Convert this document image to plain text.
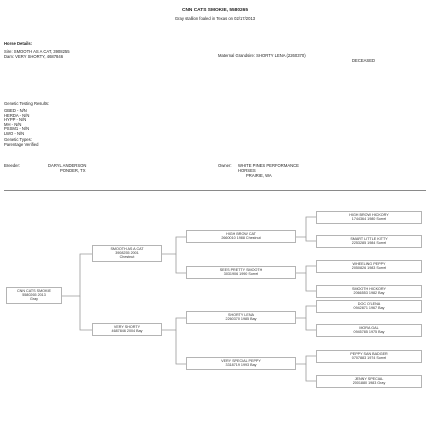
CNN CATS SMOKIE, 5580265
Gray stallion foaled in Texas on 02/17/2013
Horse Details:
Sire: SMOOTH AS A CAT, 3908255
Dam: VERY SHORTY, 4687846	Maternal Grandsire: SHORTY LENA (2260370)
DECEASED
Genetic Testing Results:
GBED - N/N
HERDA - N/N
HYPP - N/N
MH - N/N
PSSM1 - N/N
LWO - N/N
Genetic Types:
Parentage Verified
Breeder:	DARYL ANDERSON
PONDER, TX
Owner: WHITE PINES PERFORMANCE
HORSES
PRAIRIE, WA
CNN CATS SMOKIE
5580265 2013
Gray
SMOOTH AS A CAT
3908255 2001
Chestnut
VERY SHORTY
4687846 2004 Bay
HIGH BROW CAT
2660010 1988 Chestnut
SEES PRETTY SMOOTH
3031906 1990 Sorrel
SHORTY LENA
2260370 1985 Bay
VERY SPECIAL PEPPY
3318719 1993 Bay
HIGH BROW HICKORY
1744364 1980 Sorrel
SMART LITTLE KITTY
2253285 1984 Sorrel
WHEELING PEPPY
2050826 1983 Sorrel
SMOOTH HICKORY
2066553 1982 Bay
DOC O'LENA
0942871 1967 Bay
MORA GAL
0945785 1975 Bay
PEPPY SAN BADGER
0707883 1974 Sorrel
JENNY SPECIAL
2001880 1983 Gray
